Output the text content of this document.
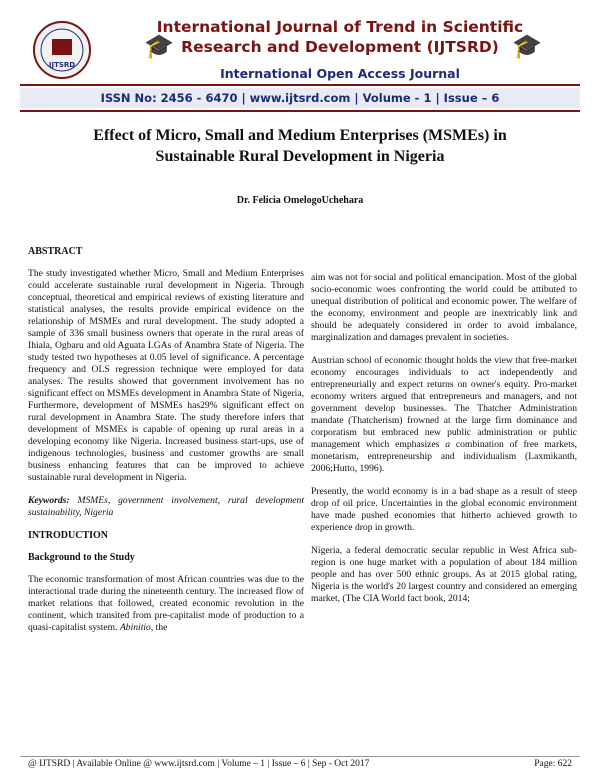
IJTSRD
🎓	🎓
International Journal of Trend in Scientific
Research and Development (IJTSRD)
International Open Access Journal
ISSN No: 2456 - 6470 | www.ijtsrd.com | Volume - 1 | Issue – 6
Effect of Micro, Small and Medium Enterprises (MSMEs) in
Sustainable Rural Development in Nigeria
Dr. Felicia OmelogoUchehara
ABSTRACT

The study investigated whether Micro, Small and Medium Enterprises could accelerate sustainable rural development in Nigeria. Through conceptual, theoretical and empirical reviews of existing literature and statistical analyses, the results provide empirical evidence on the relationship of MSMEs and rural development. The study adopted a sample of 336 small business owners that operate in the rural areas of Ihiala, Ogbaru and old Aguata LGAs of Anambra State of Nigeria. The study tested two hypotheses at 0.05 level of significance. A percentage frequency and OLS regression technique were employed for data analyses. The results showed that government involvement has no significant effect on MSMEs development in Anambra State of Nigeria, Furthermore, development of MSMEs has29% significant effect on rural development in Anambra State. The study therefore infers that development of MSMEs is capable of opening up rural areas in a developing economy like Nigeria. Increased business start-ups, use of indigenous technologies, business and customer growths are small business enhancing features that can be improved to achieve sustainable rural development in Nigeria.

Keywords: MSMEs, government involvement, rural development sustainability, Nigeria

INTRODUCTION
Background to the Study

The economic transformation of most African countries was due to the interactional trade during the nineteenth century. The increased flow of market relations that followed, created economic revolution in the continent, which transited from pre-capitalist mode of production to a quasi-capitalist system. Abinitio, the

aim was not for social and political emancipation. Most of the global socio-economic woes confronting the world could be attibuted to unequal distribution of political and economic power. The welfare of the economy, environment and people are inextricably link and should be adequately considered in order to avoid imbalance, marginalization and damages prevalent in societies.

Austrian school of economic thought holds the view that free-market economy encourages individuals to act independently and entrepreneurially and expect returns on owner's equity. Pro-market economy writers argued that entrepreneurs and managers, and not government develop businesses. The Thatcher Administration mandate (Thatcherism) frowned at the large firm dominance and corporatism but embraced new public administration or public management which emphasizes a combination of free markets, monetarism, entrepreneurship and individualism (Laxmikanth, 2006;Hutto, 1996).

Presently, the world economy is in a bad shape as a result of steep drop of oil price. Uncertainties in the global economic environment have made pushed economies that hitherto achieved growth to experience drop in growth.

Nigeria, a federal democratic secular republic in West Africa sub-region is one huge market with a population of about 184 million people and has over 500 ethnic groups. As at 2015 global rating, Nigeria is the world's 20 largest country and considered an emerging market, (The CIA World fact book, 2014;

@ IJTSRD | Available Online @ www.ijtsrd.com | Volume – 1 | Issue – 6 | Sep - Oct 2017	Page: 622
